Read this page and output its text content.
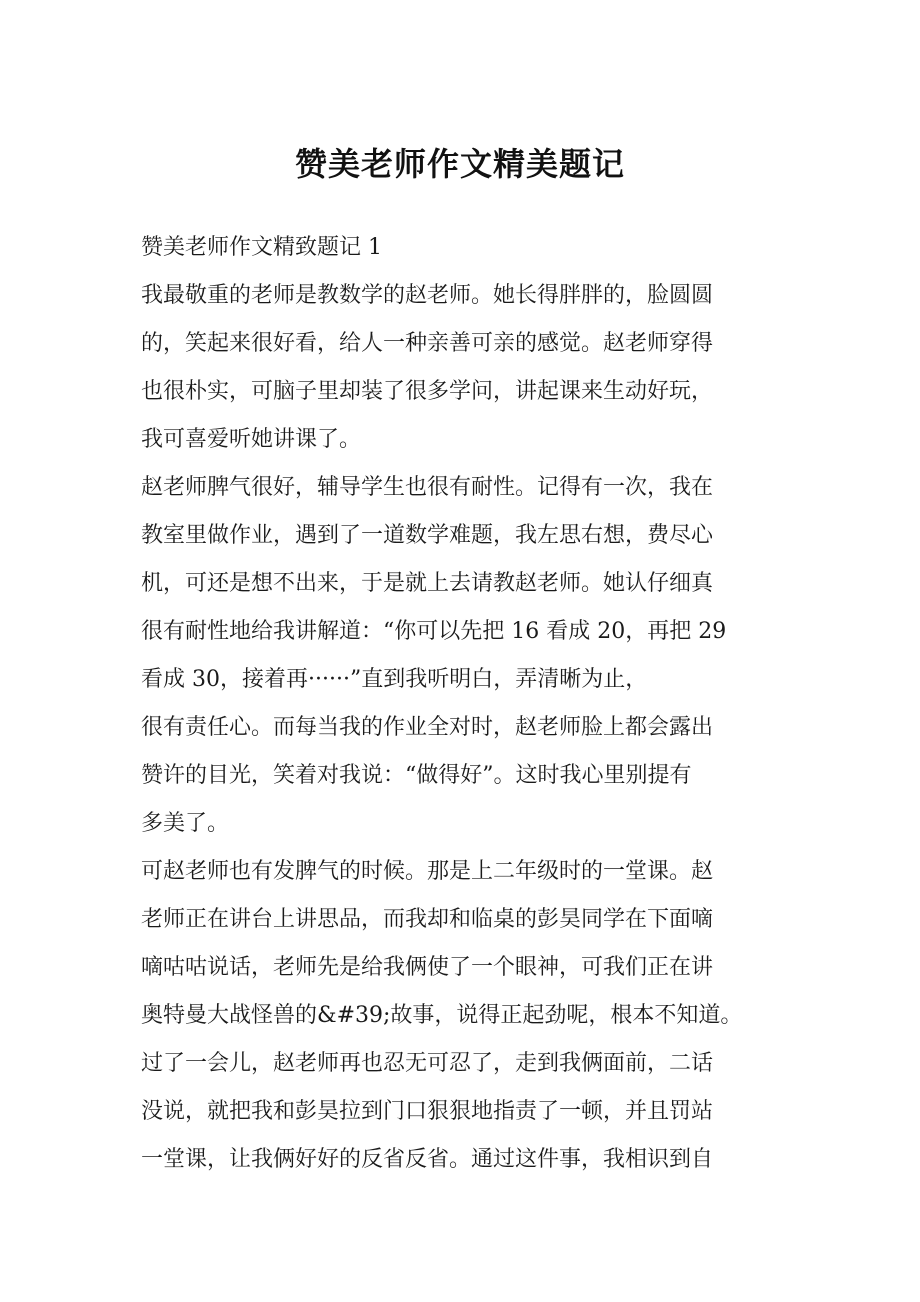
赞美老师作文精美题记
赞美老师作文精致题记 1
我最敬重的老师是教数学的赵老师。她长得胖胖的，脸圆圆
的，笑起来很好看，给人一种亲善可亲的感觉。赵老师穿得
也很朴实，可脑子里却装了很多学问，讲起课来生动好玩，
我可喜爱听她讲课了。
赵老师脾气很好，辅导学生也很有耐性。记得有一次，我在
教室里做作业，遇到了一道数学难题，我左思右想，费尽心
机，可还是想不出来，于是就上去请教赵老师。她认仔细真
很有耐性地给我讲解道：“你可以先把 16 看成 20，再把 29
看成 30，接着再······”直到我听明白，弄清晰为止，
很有责任心。而每当我的作业全对时，赵老师脸上都会露出
赞许的目光，笑着对我说：“做得好”。这时我心里别提有
多美了。
可赵老师也有发脾气的时候。那是上二年级时的一堂课。赵
老师正在讲台上讲思品，而我却和临桌的彭昊同学在下面嘀
嘀咕咕说话，老师先是给我俩使了一个眼神，可我们正在讲
奥特曼大战怪兽的&#39;故事，说得正起劲呢，根本不知道。
过了一会儿，赵老师再也忍无可忍了，走到我俩面前，二话
没说，就把我和彭昊拉到门口狠狠地指责了一顿，并且罚站
一堂课，让我俩好好的反省反省。通过这件事，我相识到自
